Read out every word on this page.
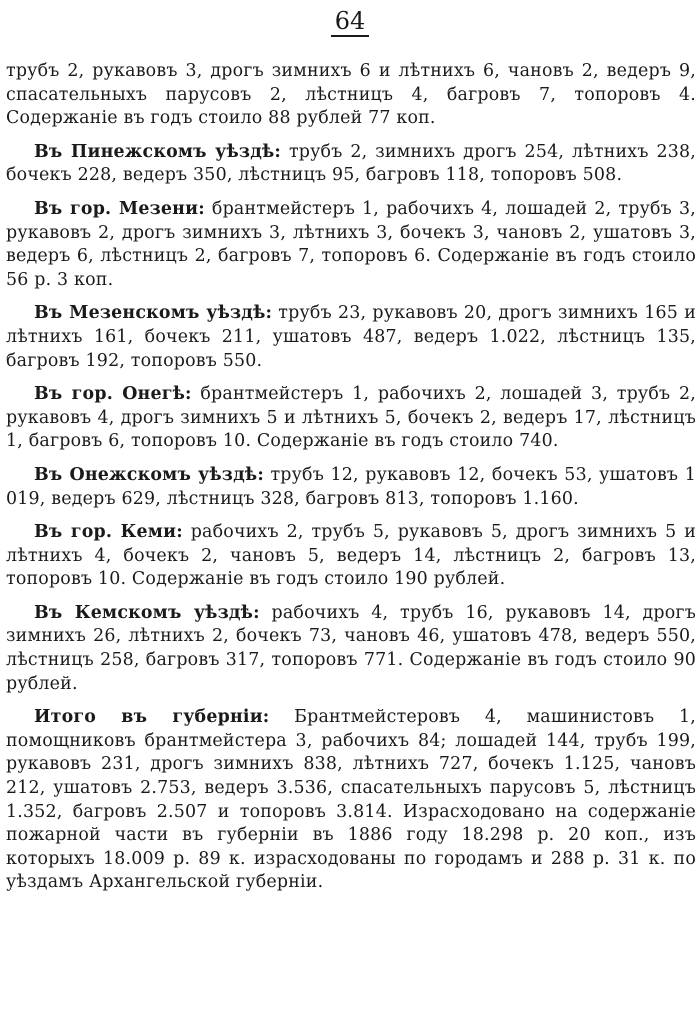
64

трубъ 2, рукавовъ 3, дрогъ зимнихъ 6 и лѣтнихъ 6, чановъ 2, ведеръ 9, спасательныхъ парусовъ 2, лѣстницъ 4, багровъ 7, топоровъ 4. Содержаніе въ годъ стоило 88 рублей 77 коп.

Въ Пинежскомъ уѣздѣ: трубъ 2, зимнихъ дрогъ 254, лѣтнихъ 238, бочекъ 228, ведеръ 350, лѣстницъ 95, багровъ 118, топоровъ 508.

Въ гор. Мезени: брантмейстеръ 1, рабочихъ 4, лошадей 2, трубъ 3, рукавовъ 2, дрогъ зимнихъ 3, лѣтнихъ 3, бочекъ 3, чановъ 2, ушатовъ 3, ведеръ 6, лѣстницъ 2, багровъ 7, топоровъ 6. Содержаніе въ годъ стоило 56 р. 3 коп.

Въ Мезенскомъ уѣздѣ: трубъ 23, рукавовъ 20, дрогъ зимнихъ 165 и лѣтнихъ 161, бочекъ 211, ушатовъ 487, ведеръ 1.022, лѣстницъ 135, багровъ 192, топоровъ 550.

Въ гор. Онегѣ: брантмейстеръ 1, рабочихъ 2, лошадей 3, трубъ 2, рукавовъ 4, дрогъ зимнихъ 5 и лѣтнихъ 5, бочекъ 2, ведеръ 17, лѣстницъ 1, багровъ 6, топоровъ 10. Содержаніе въ годъ стоило 740.

Въ Онежскомъ уѣздѣ: трубъ 12, рукавовъ 12, бочекъ 53, ушатовъ 1 019, ведеръ 629, лѣстницъ 328, багровъ 813, топоровъ 1.160.

Въ гор. Кеми: рабочихъ 2, трубъ 5, рукавовъ 5, дрогъ зимнихъ 5 и лѣтнихъ 4, бочекъ 2, чановъ 5, ведеръ 14, лѣстницъ 2, багровъ 13, топоровъ 10. Содержаніе въ годъ стоило 190 рублей.

Въ Кемскомъ уѣздѣ: рабочихъ 4, трубъ 16, рукавовъ 14, дрогъ зимнихъ 26, лѣтнихъ 2, бочекъ 73, чановъ 46, ушатовъ 478, ведеръ 550, лѣстницъ 258, багровъ 317, топоровъ 771. Содержаніе въ годъ стоило 90 рублей.

Итого въ губерніи: Брантмейстеровъ 4, машинистовъ 1, помощниковъ брантмейстера 3, рабочихъ 84; лошадей 144, трубъ 199, рукавовъ 231, дрогъ зимнихъ 838, лѣтнихъ 727, бочекъ 1.125, чановъ 212, ушатовъ 2.753, ведеръ 3.536, спасательныхъ парусовъ 5, лѣстницъ 1.352, багровъ 2.507 и топоровъ 3.814. Израсходовано на содержаніе пожарной части въ губерніи въ 1886 году 18.298 р. 20 коп., изъ которыхъ 18.009 р. 89 к. израсходованы по городамъ и 288 р. 31 к. по уѣздамъ Архангельской губерніи.
